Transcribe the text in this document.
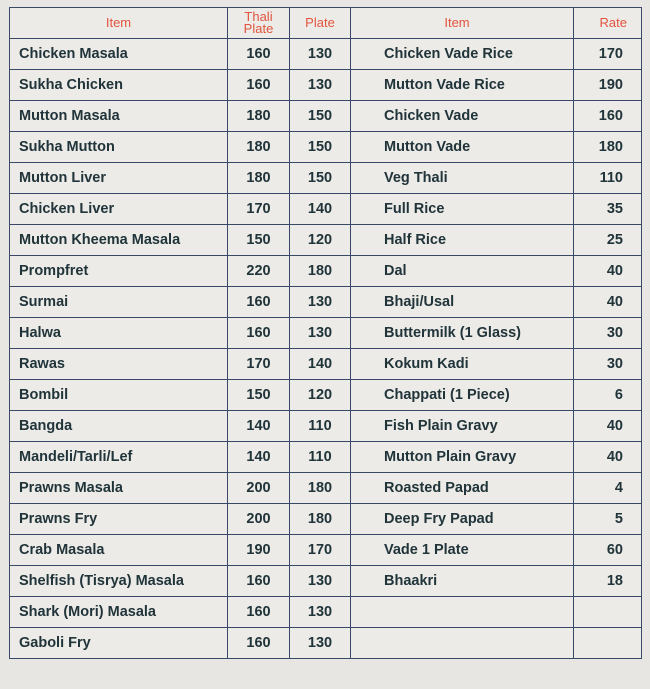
Item	Thali Plate	Plate	Item	Rate
Chicken Masala	160	130	Chicken Vade Rice	170
Sukha Chicken	160	130	Mutton Vade Rice	190
Mutton Masala	180	150	Chicken Vade	160
Sukha Mutton	180	150	Mutton Vade	180
Mutton Liver	180	150	Veg Thali	110
Chicken Liver	170	140	Full Rice	35
Mutton Kheema Masala	150	120	Half Rice	25
Prompfret	220	180	Dal	40
Surmai	160	130	Bhaji/Usal	40
Halwa	160	130	Buttermilk (1 Glass)	30
Rawas	170	140	Kokum Kadi	30
Bombil	150	120	Chappati (1 Piece)	6
Bangda	140	110	Fish Plain Gravy	40
Mandeli/Tarli/Lef	140	110	Mutton Plain Gravy	40
Prawns Masala	200	180	Roasted Papad	4
Prawns Fry	200	180	Deep Fry Papad	5
Crab Masala	190	170	Vade 1 Plate	60
Shelfish (Tisrya) Masala	160	130	Bhaakri	18
Shark (Mori) Masala	160	130		
Gaboli Fry	160	130		
